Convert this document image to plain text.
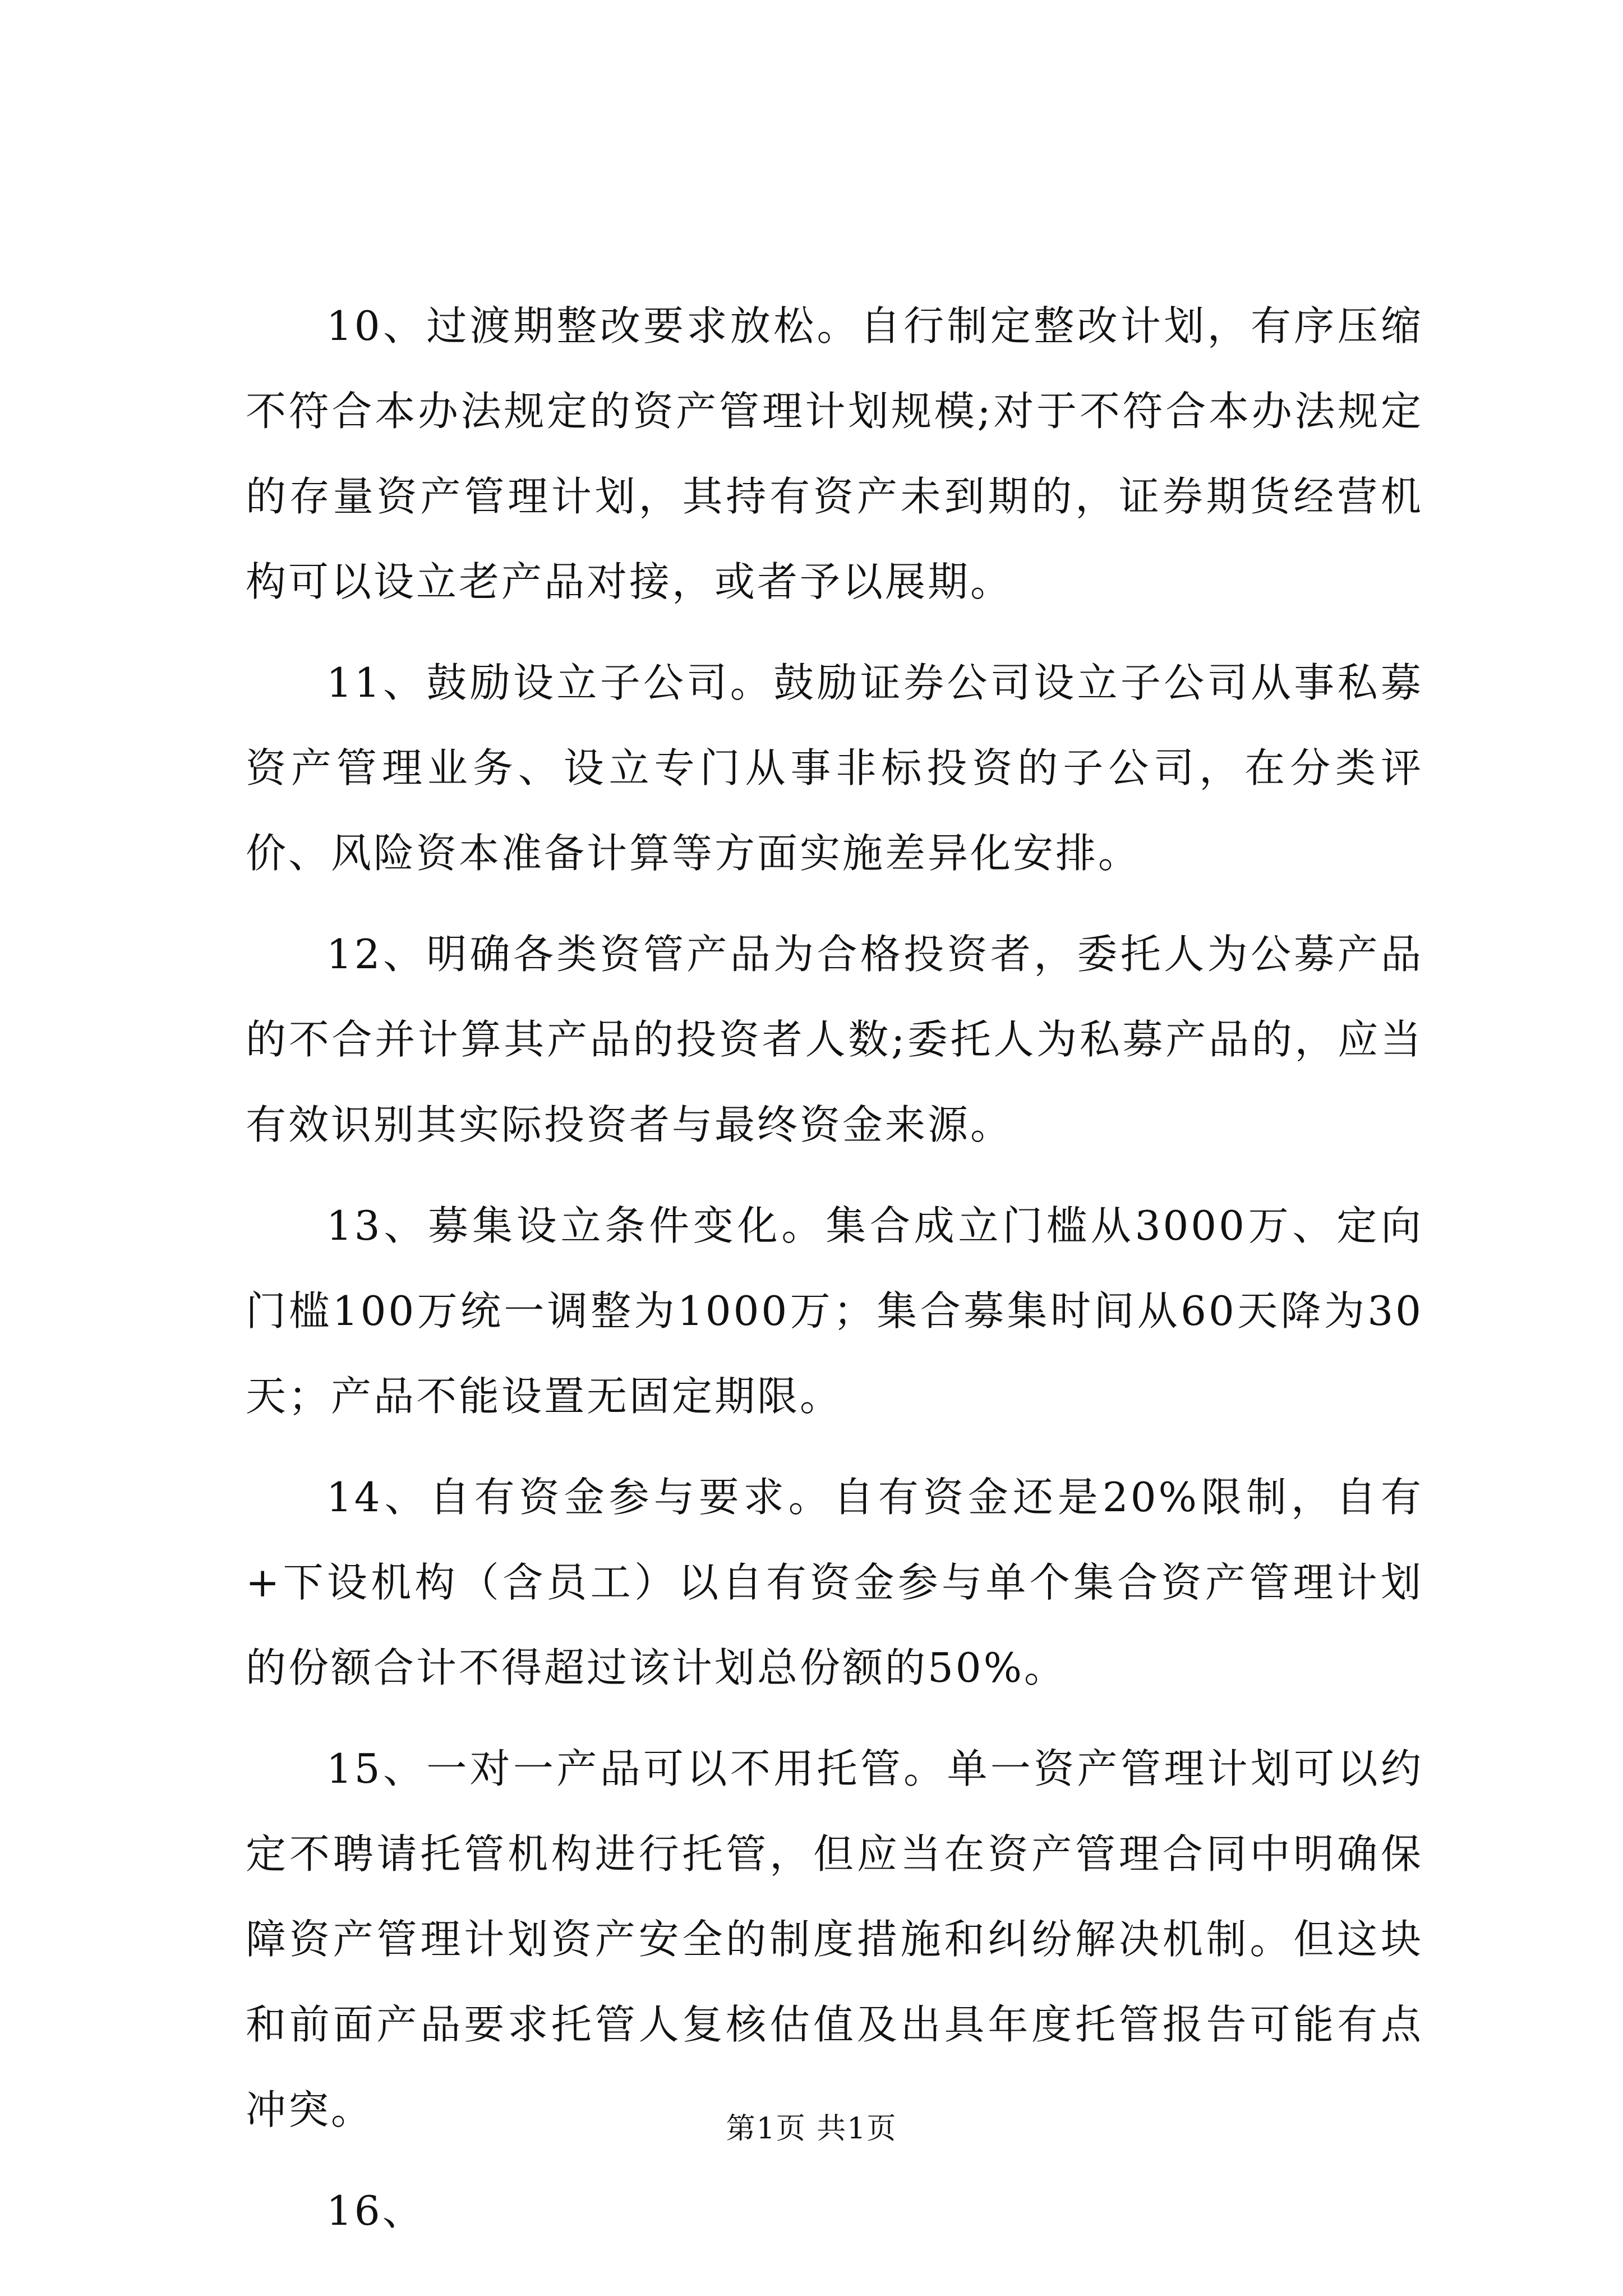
10、过渡期整改要求放松。自行制定整改计划，有序压缩不符合本办法规定的资产管理计划规模;对于不符合本办法规定的存量资产管理计划，其持有资产未到期的，证券期货经营机构可以设立老产品对接，或者予以展期。

11、鼓励设立子公司。鼓励证券公司设立子公司从事私募资产管理业务、设立专门从事非标投资的子公司，在分类评价、风险资本准备计算等方面实施差异化安排。

12、明确各类资管产品为合格投资者，委托人为公募产品的不合并计算其产品的投资者人数;委托人为私募产品的，应当有效识别其实际投资者与最终资金来源。

13、募集设立条件变化。集合成立门槛从3000万、定向门槛100万统一调整为1000万；集合募集时间从60天降为30天；产品不能设置无固定期限。

14、自有资金参与要求。自有资金还是20%限制，自有+下设机构（含员工）以自有资金参与单个集合资产管理计划的份额合计不得超过该计划总份额的50%。

15、一对一产品可以不用托管。单一资产管理计划可以约定不聘请托管机构进行托管，但应当在资产管理合同中明确保障资产管理计划资产安全的制度措施和纠纷解决机制。但这块和前面产品要求托管人复核估值及出具年度托管报告可能有点冲突。

16、

第1页 共1页
